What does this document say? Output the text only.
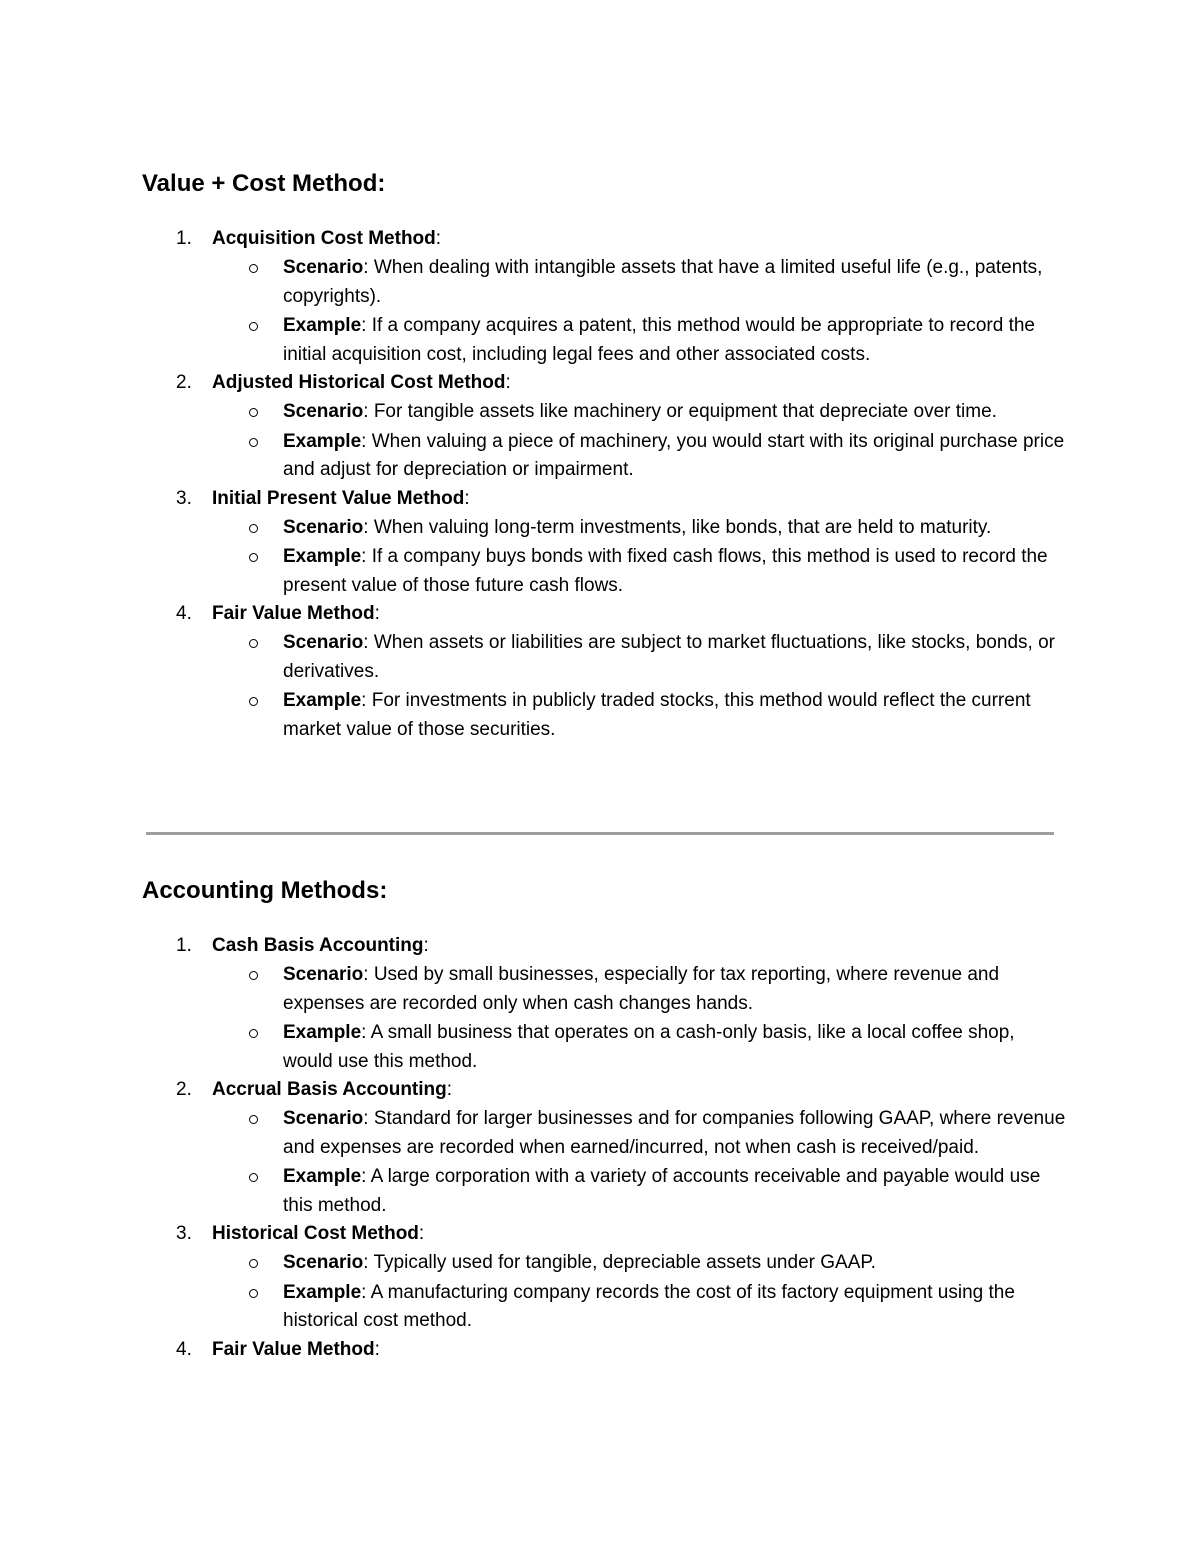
Value + Cost Method:
1. Acquisition Cost Method:
Scenario: When dealing with intangible assets that have a limited useful life (e.g., patents, copyrights).
Example: If a company acquires a patent, this method would be appropriate to record the initial acquisition cost, including legal fees and other associated costs.
2. Adjusted Historical Cost Method:
Scenario: For tangible assets like machinery or equipment that depreciate over time.
Example: When valuing a piece of machinery, you would start with its original purchase price and adjust for depreciation or impairment.
3. Initial Present Value Method:
Scenario: When valuing long-term investments, like bonds, that are held to maturity.
Example: If a company buys bonds with fixed cash flows, this method is used to record the present value of those future cash flows.
4. Fair Value Method:
Scenario: When assets or liabilities are subject to market fluctuations, like stocks, bonds, or derivatives.
Example: For investments in publicly traded stocks, this method would reflect the current market value of those securities.
Accounting Methods:
1. Cash Basis Accounting:
Scenario: Used by small businesses, especially for tax reporting, where revenue and expenses are recorded only when cash changes hands.
Example: A small business that operates on a cash-only basis, like a local coffee shop, would use this method.
2. Accrual Basis Accounting:
Scenario: Standard for larger businesses and for companies following GAAP, where revenue and expenses are recorded when earned/incurred, not when cash is received/paid.
Example: A large corporation with a variety of accounts receivable and payable would use this method.
3. Historical Cost Method:
Scenario: Typically used for tangible, depreciable assets under GAAP.
Example: A manufacturing company records the cost of its factory equipment using the historical cost method.
4. Fair Value Method:
